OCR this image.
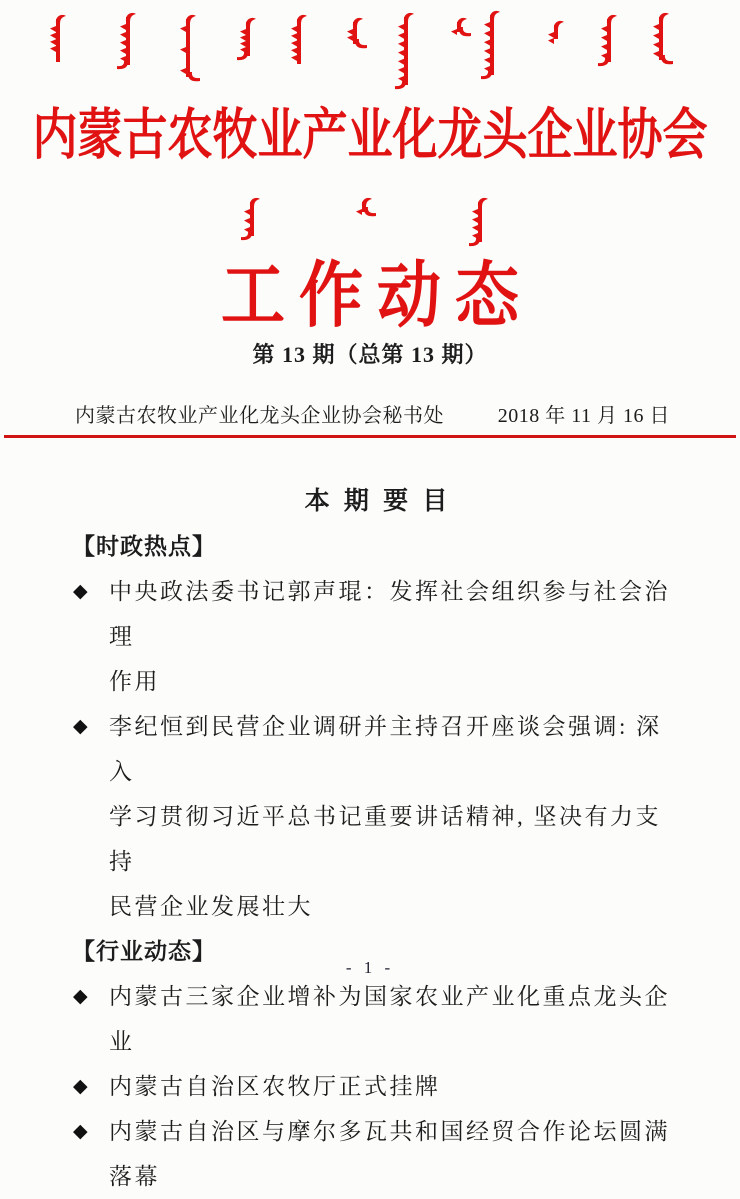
内蒙古农牧业产业化龙头企业协会
工作动态
第 13 期（总第 13 期）
内蒙古农牧业产业化龙头企业协会秘书处	2018 年 11 月 16 日
本 期 要 目
【时政热点】
◆ 中央政法委书记郭声琨：发挥社会组织参与社会治理
作用
◆ 李纪恒到民营企业调研并主持召开座谈会强调: 深入
学习贯彻习近平总书记重要讲话精神, 坚决有力支持
民营企业发展壮大
【行业动态】
◆ 内蒙古三家企业增补为国家农业产业化重点龙头企业
◆ 内蒙古自治区农牧厅正式挂牌
◆ 内蒙古自治区与摩尔多瓦共和国经贸合作论坛圆满落幕
- 1 -
